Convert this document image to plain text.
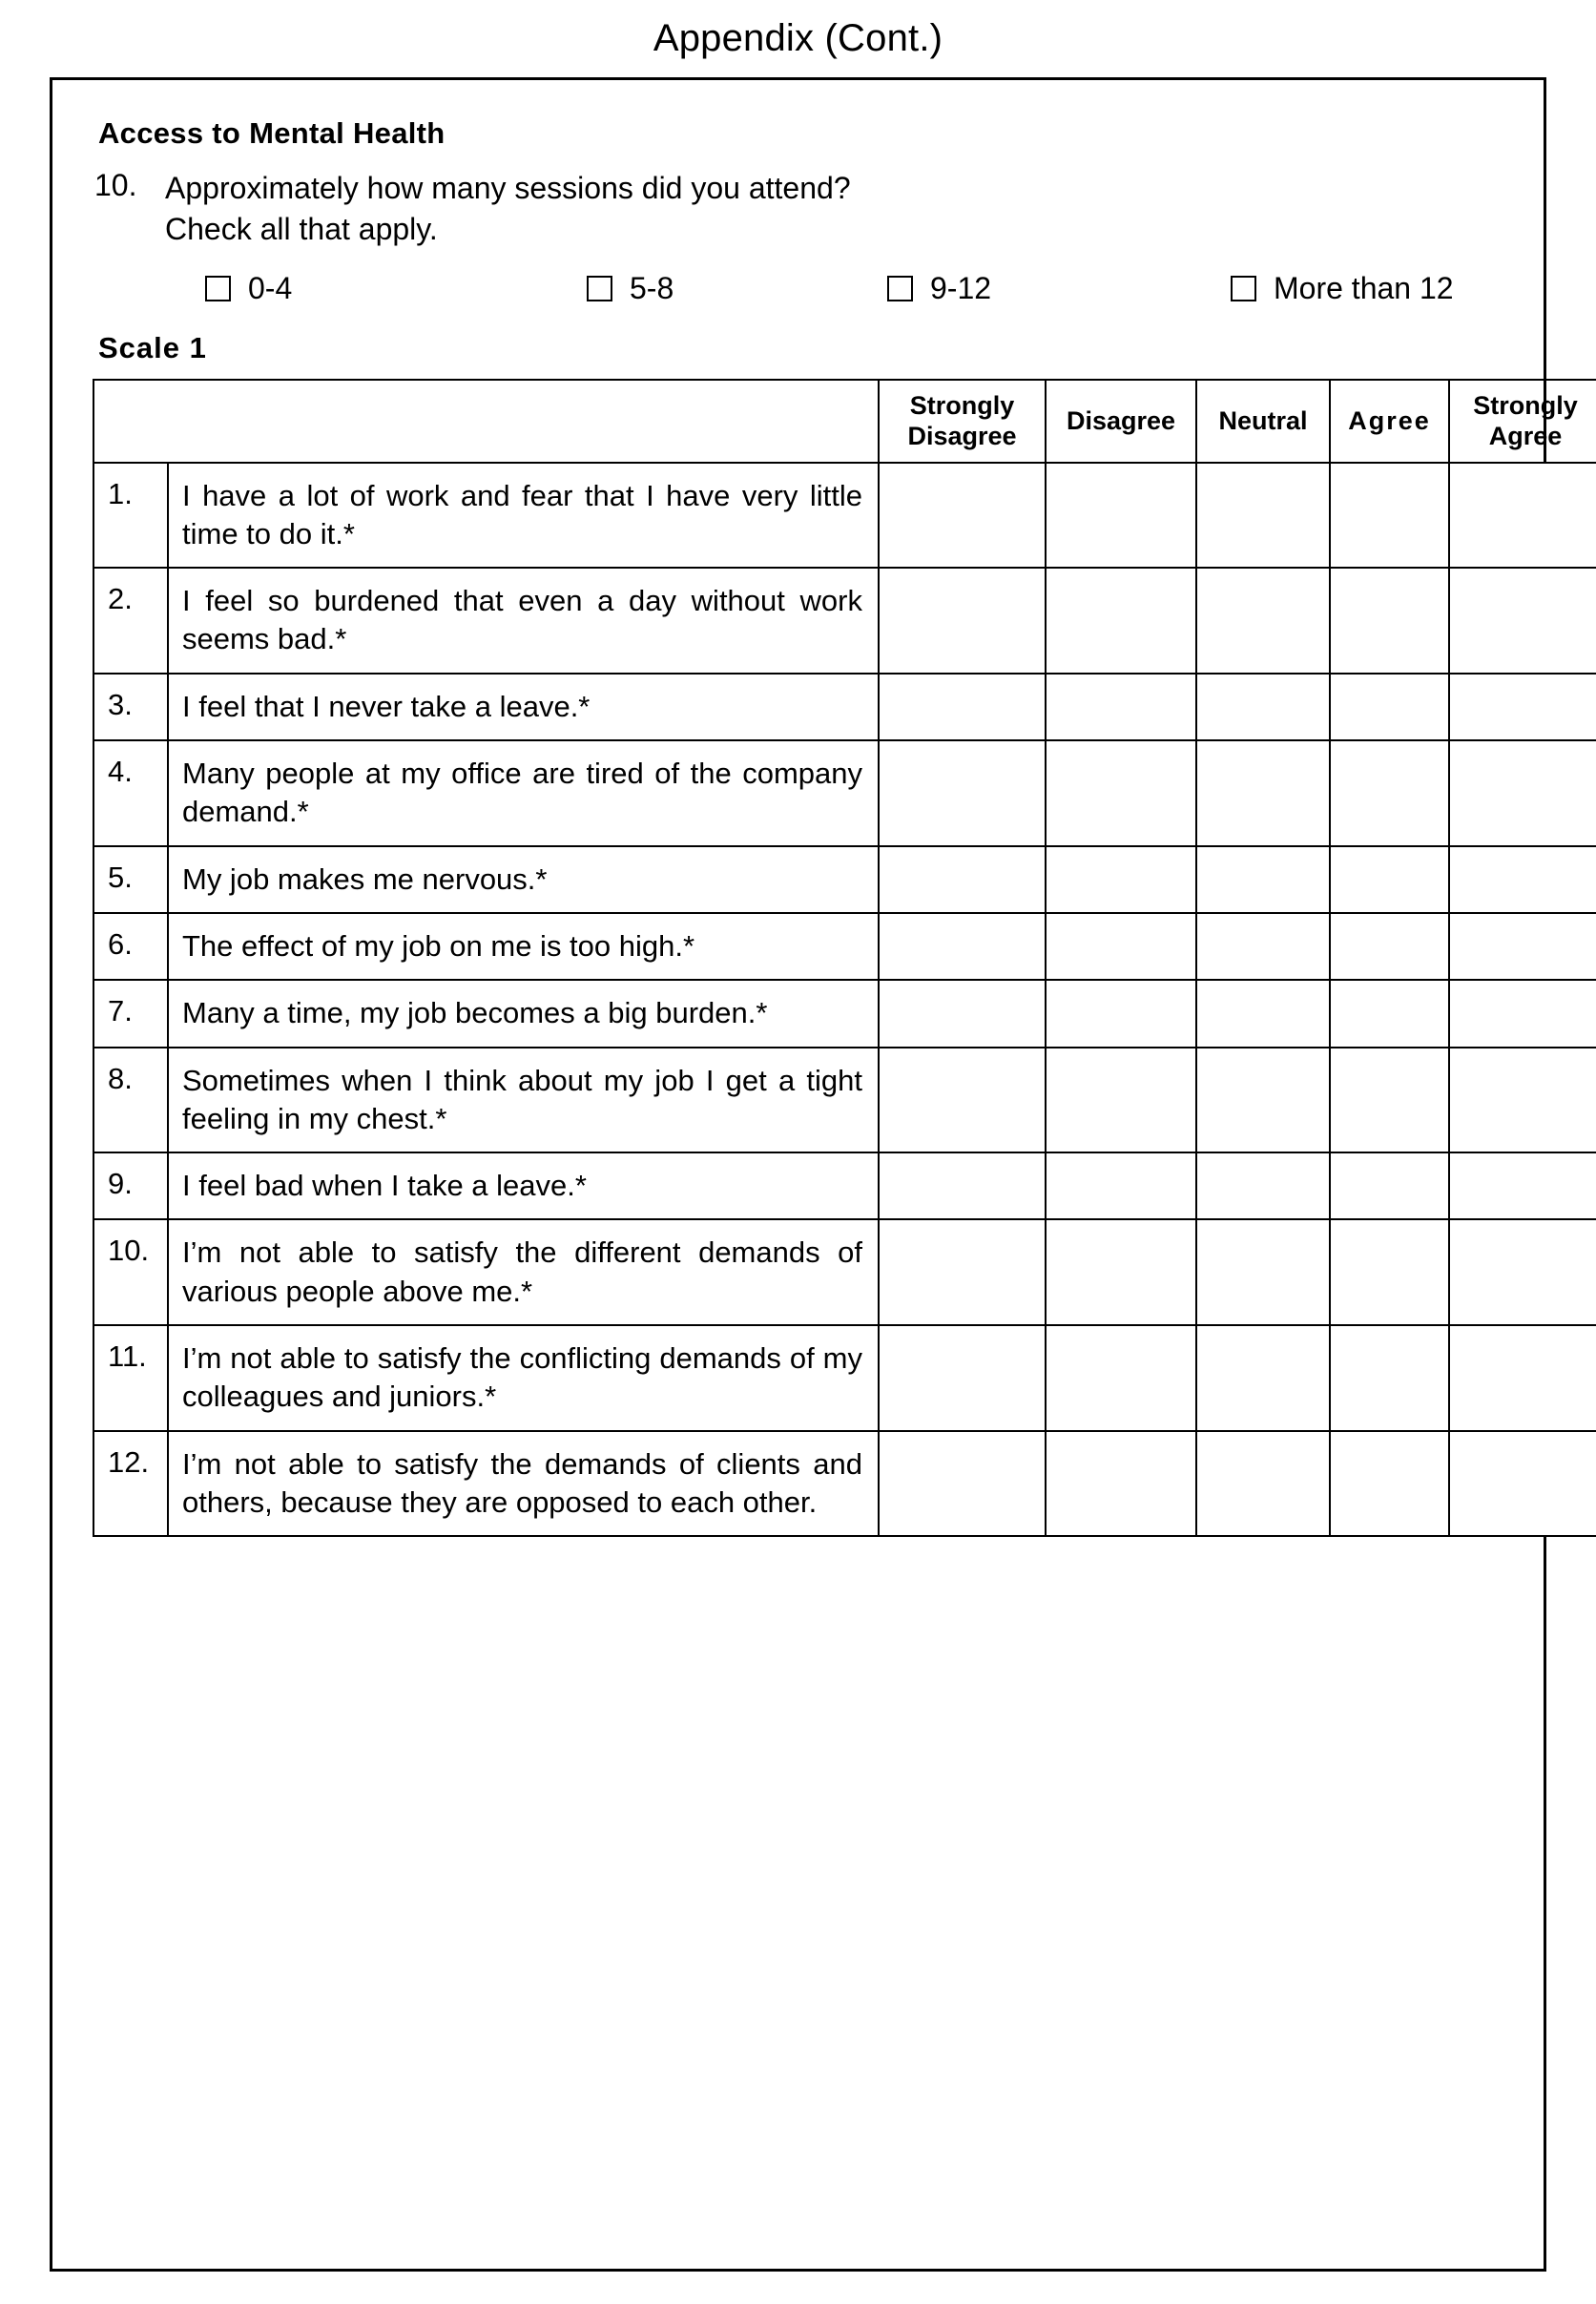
Appendix (Cont.)
Access to Mental Health
10. Approximately how many sessions did you attend?
Check all that apply.
0-4	5-8	9-12	More than 12
Scale 1
		Strongly Disagree	Disagree	Neutral	Agree	Strongly Agree
1.	I have a lot of work and fear that I have very little time to do it.*					
2.	I feel so burdened that even a day without work seems bad.*					
3.	I feel that I never take a leave.*					
4.	Many people at my office are tired of the company demand.*					
5.	My job makes me nervous.*					
6.	The effect of my job on me is too high.*					
7.	Many a time, my job becomes a big burden.*					
8.	Sometimes when I think about my job I get a tight feeling in my chest.*					
9.	I feel bad when I take a leave.*					
10.	I’m not able to satisfy the different demands of various people above me.*					
11.	I’m not able to satisfy the conflicting demands of my colleagues and juniors.*					
12.	I’m not able to satisfy the demands of clients and others, because they are opposed to each other.					
